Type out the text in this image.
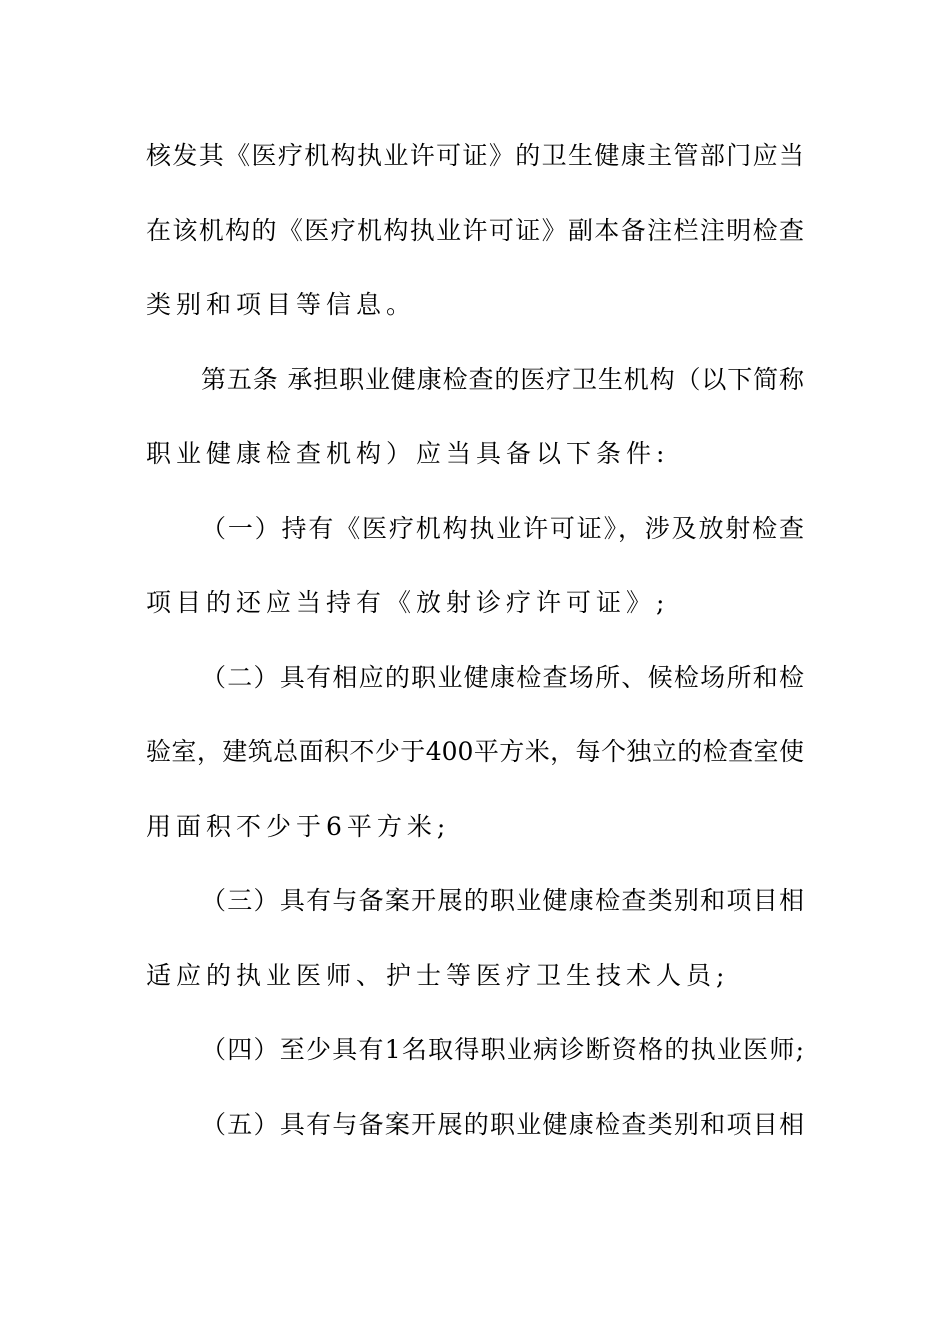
核发其《医疗机构执业许可证》的卫生健康主管部门应当
在该机构的《医疗机构执业许可证》副本备注栏注明检查
类别和项目等信息。
第五条 承担职业健康检查的医疗卫生机构（以下简称
职业健康检查机构）应当具备以下条件:
（一）持有《医疗机构执业许可证》，涉及放射检查
项目的还应当持有《放射诊疗许可证》;
（二）具有相应的职业健康检查场所、候检场所和检
验室，建筑总面积不少于400平方米，每个独立的检查室使
用面积不少于6平方米;
（三）具有与备案开展的职业健康检查类别和项目相
适应的执业医师、护士等医疗卫生技术人员;
（四）至少具有1名取得职业病诊断资格的执业医师;
（五）具有与备案开展的职业健康检查类别和项目相
